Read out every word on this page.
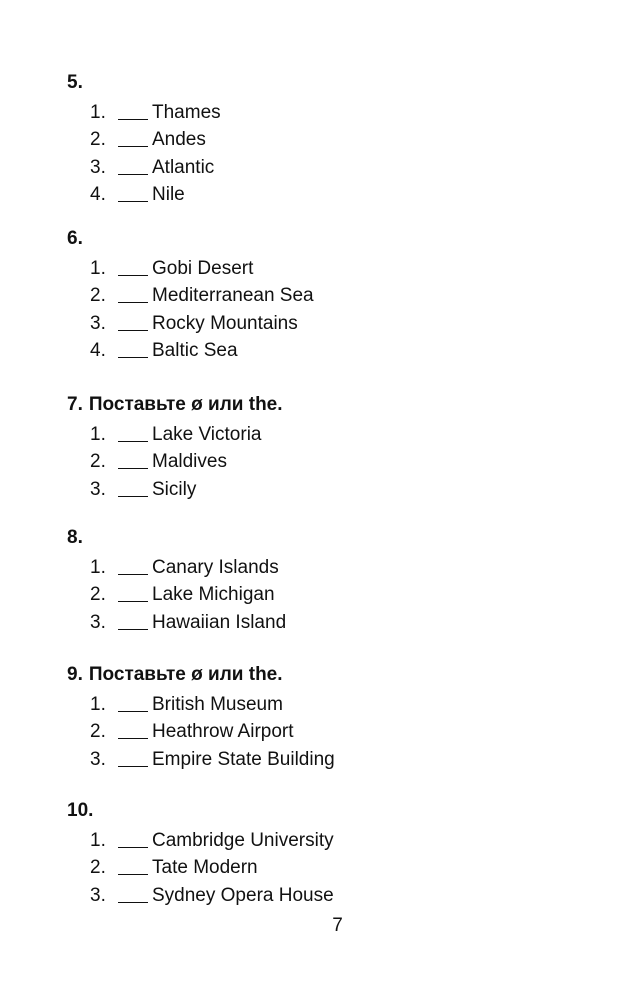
5.
1. Thames
2. Andes
3. Atlantic
4. Nile
6.
1. Gobi Desert
2. Mediterranean Sea
3. Rocky Mountains
4. Baltic Sea
7. Поставьте ø или the.
1. Lake Victoria
2. Maldives
3. Sicily
8.
1. Canary Islands
2. Lake Michigan
3. Hawaiian Island
9. Поставьте ø или the.
1. British Museum
2. Heathrow Airport
3. Empire State Building
10.
1. Cambridge University
2. Tate Modern
3. Sydney Opera House
7
